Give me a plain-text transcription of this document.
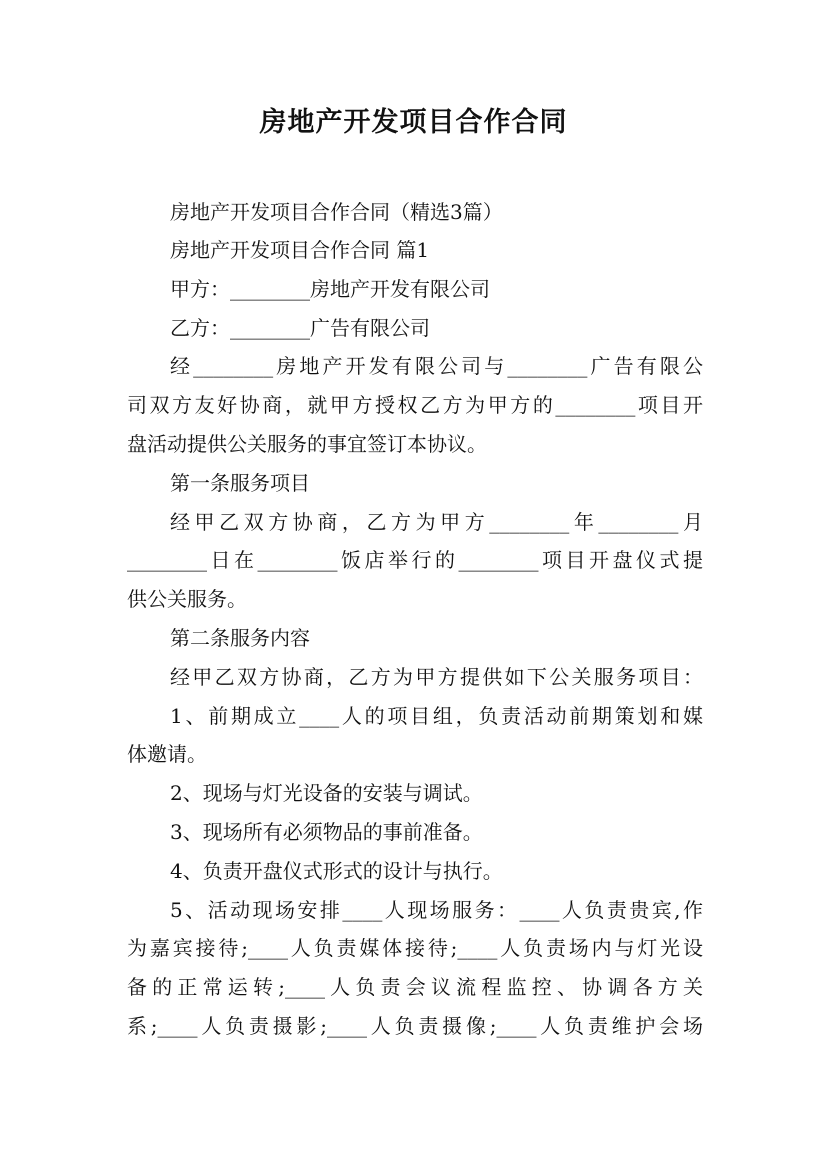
房地产开发项目合作合同

房地产开发项目合作合同（精选3篇）

房地产开发项目合作合同 篇1

甲方：________房地产开发有限公司

乙方：________广告有限公司

经________房地产开发有限公司与________广告有限公

司双方友好协商，就甲方授权乙方为甲方的________项目开

盘活动提供公关服务的事宜签订本协议。

第一条服务项目

经甲乙双方协商，乙方为甲方________年________月

________日在________饭店举行的________项目开盘仪式提

供公关服务。

第二条服务内容

经甲乙双方协商，乙方为甲方提供如下公关服务项目：

1、前期成立____人的项目组，负责活动前期策划和媒

体邀请。

2、现场与灯光设备的安装与调试。

3、现场所有必须物品的事前准备。

4、负责开盘仪式形式的设计与执行。

5、活动现场安排____人现场服务：____人负责贵宾,作

为嘉宾接待;____人负责媒体接待;____人负责场内与灯光设

备的正常运转;____人负责会议流程监控、协调各方关

系;____人负责摄影;____人负责摄像;____人负责维护会场
